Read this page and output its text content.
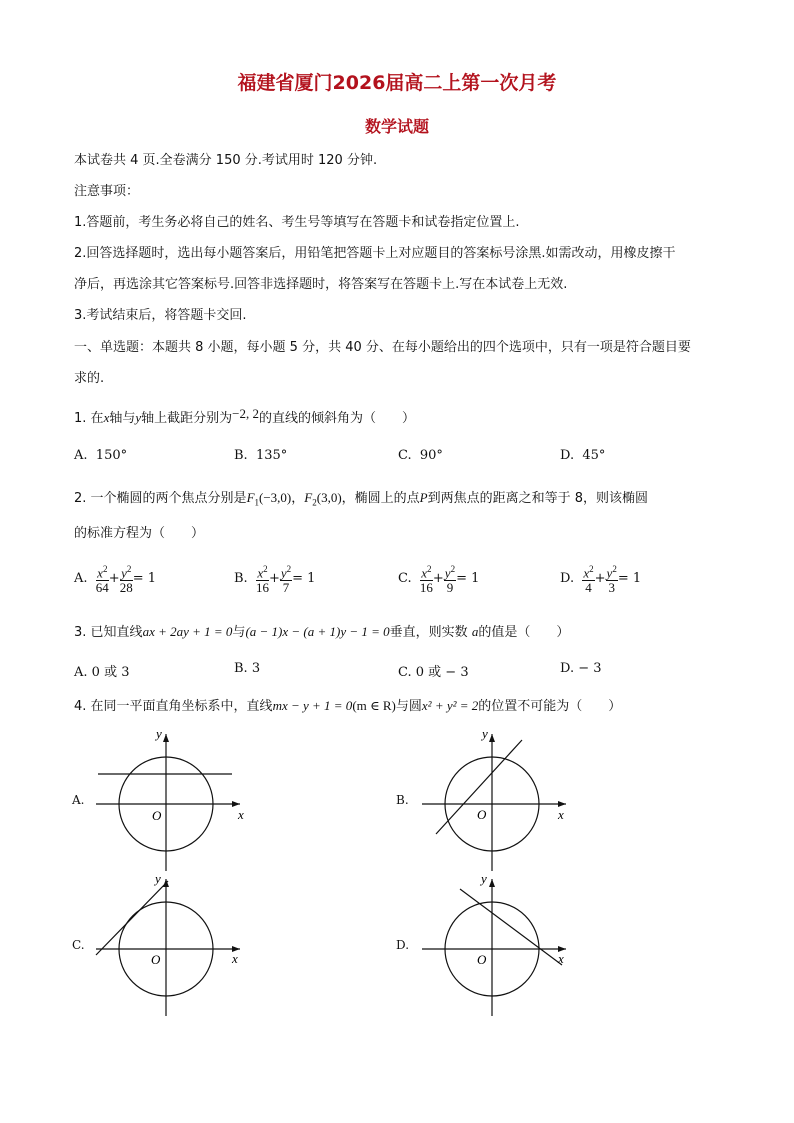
福建省厦门2026届高二上第一次月考
数学试题
本试卷共 4 页.全卷满分 150 分.考试用时 120 分钟.
注意事项：
1.答题前，考生务必将自己的姓名、考生号等填写在答题卡和试卷指定位置上.
2.回答选择题时，选出每小题答案后，用铅笔把答题卡上对应题目的答案标号涂黑.如需改动，用橡皮擦干
净后，再选涂其它答案标号.回答非选择题时，将答案写在答题卡上.写在本试卷上无效.
3.考试结束后，将答题卡交回.
一、单选题：本题共 8 小题，每小题 5 分，共 40 分、在每小题给出的四个选项中，只有一项是符合题目要
求的.
1. 在x轴与y轴上截距分别为−2, 2的直线的倾斜角为（　　）
A. 150°	B. 135°	C. 90°	D. 45°
2. 一个椭圆的两个焦点分别是$F_1(-3,0)$，$F_2(3,0)$，椭圆上的点P到两焦点的距离之和等于 8，则该椭圆
的标准方程为（　　）
A. $\frac{x^2}{64} + \frac{y^2}{28} = 1$	B. $\frac{x^2}{16} + \frac{y^2}{7} = 1$	C. $\frac{x^2}{16} + \frac{y^2}{9} = 1$	D. $\frac{x^2}{4} + \frac{y^2}{3} = 1$
3. 已知直线ax + 2ay + 1 = 0与(a − 1)x − (a + 1)y − 1 = 0垂直，则实数 a的值是（　　）
A. 0 或 3	B. 3	C. 0 或 − 3	D. − 3
4. 在同一平面直角坐标系中，直线mx − y + 1 = 0(m ∈ R)与圆x² + y² = 2的位置不可能为（　　）
A.	B.
C.	D.
x
y
O	x
y
O
x
y
O	x
y
O
